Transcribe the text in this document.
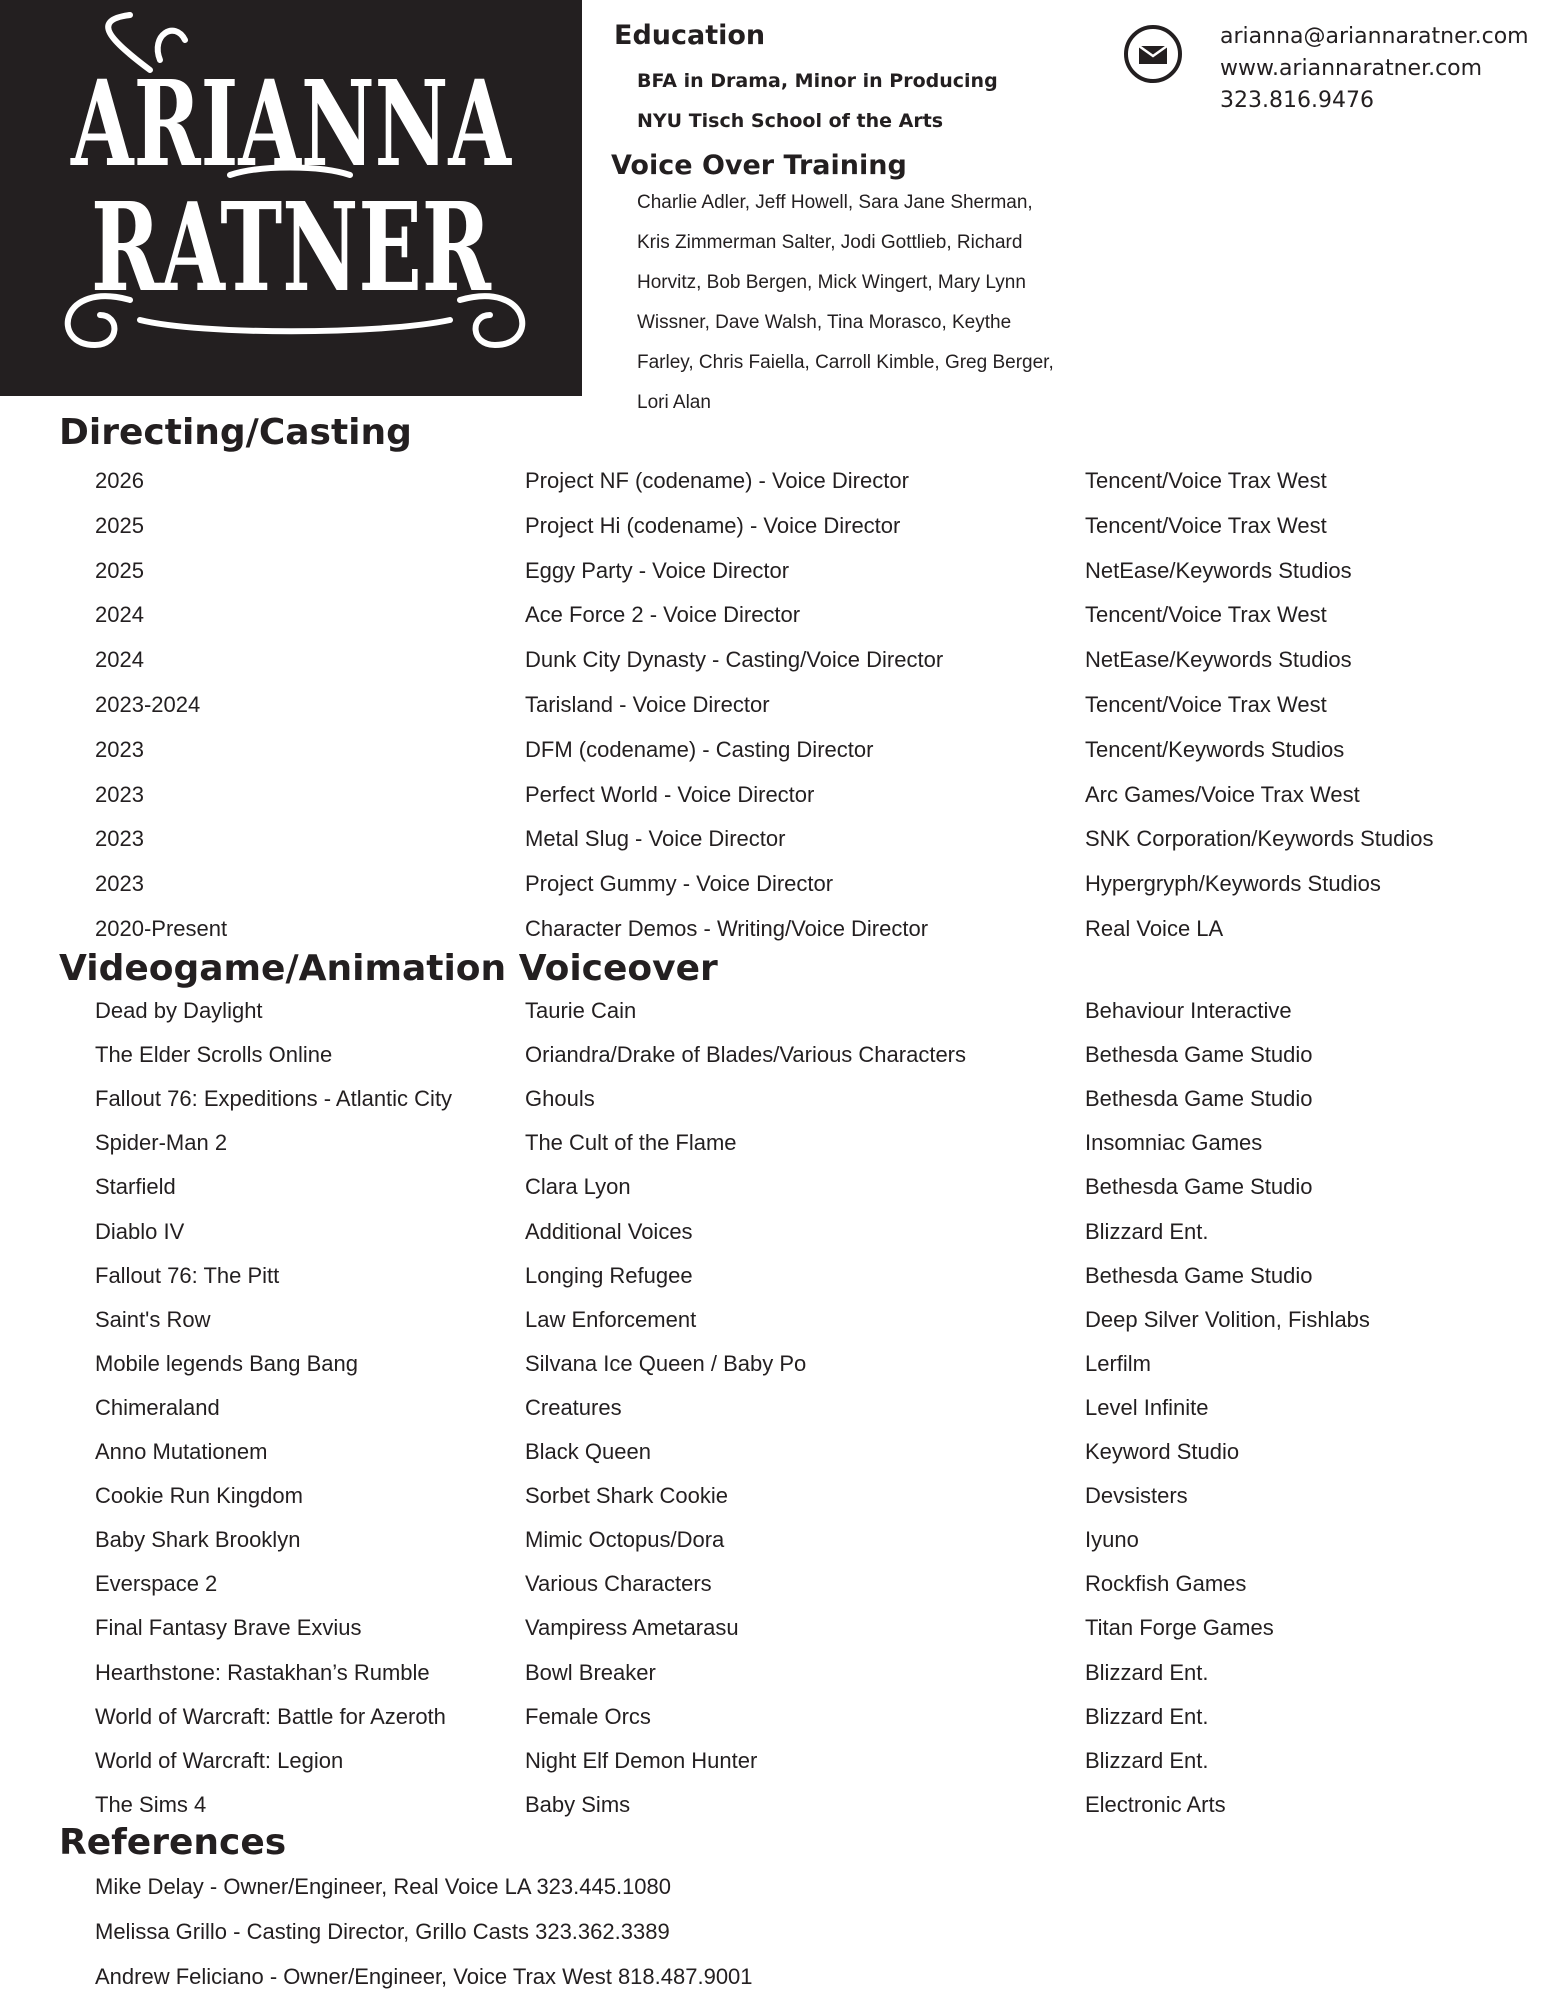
ARIANNA
RATNER
Education
BFA in Drama, Minor in Producing
NYU Tisch School of the Arts
Voice Over Training

Charlie Adler, Jeff Howell, Sara Jane Sherman, Kris Zimmerman Salter, Jodi Gottlieb, Richard Horvitz, Bob Bergen, Mick Wingert, Mary Lynn Wissner, Dave Walsh, Tina Morasco, Keythe Farley, Chris Faiella, Carroll Kimble, Greg Berger, Lori Alan

arianna@ariannaratner.com
www.ariannaratner.com
323.816.9476
Directing/Casting
2026	Project NF (codename) - Voice Director	Tencent/Voice Trax West
2025	Project Hi (codename) - Voice Director	Tencent/Voice Trax West
2025	Eggy Party - Voice Director	NetEase/Keywords Studios
2024	Ace Force 2 - Voice Director	Tencent/Voice Trax West
2024	Dunk City Dynasty - Casting/Voice Director	NetEase/Keywords Studios
2023-2024	Tarisland - Voice Director	Tencent/Voice Trax West
2023	DFM (codename) - Casting Director	Tencent/Keywords Studios
2023	Perfect World - Voice Director	Arc Games/Voice Trax West
2023	Metal Slug - Voice Director	SNK Corporation/Keywords Studios
2023	Project Gummy - Voice Director	Hypergryph/Keywords Studios
2020-Present	Character Demos - Writing/Voice Director	Real Voice LA
Videogame/Animation Voiceover
Dead by Daylight	Taurie Cain	Behaviour Interactive
The Elder Scrolls Online	Oriandra/Drake of Blades/Various Characters	Bethesda Game Studio
Fallout 76: Expeditions - Atlantic City	Ghouls	Bethesda Game Studio
Spider-Man 2	The Cult of the Flame	Insomniac Games
Starfield	Clara Lyon	Bethesda Game Studio
Diablo IV	Additional Voices	Blizzard Ent.
Fallout 76: The Pitt	Longing Refugee	Bethesda Game Studio
Saint's Row	Law Enforcement	Deep Silver Volition, Fishlabs
Mobile legends Bang Bang	Silvana Ice Queen / Baby Po	Lerfilm
Chimeraland	Creatures	Level Infinite
Anno Mutationem	Black Queen	Keyword Studio
Cookie Run Kingdom	Sorbet Shark Cookie	Devsisters
Baby Shark Brooklyn	Mimic Octopus/Dora	Iyuno
Everspace 2	Various Characters	Rockfish Games
Final Fantasy Brave Exvius	Vampiress Ametarasu	Titan Forge Games
Hearthstone: Rastakhan’s Rumble	Bowl Breaker	Blizzard Ent.
World of Warcraft: Battle for Azeroth	Female Orcs	Blizzard Ent.
World of Warcraft: Legion	Night Elf Demon Hunter	Blizzard Ent.
The Sims 4	Baby Sims	Electronic Arts
References
Mike Delay - Owner/Engineer, Real Voice LA 323.445.1080
Melissa Grillo - Casting Director, Grillo Casts 323.362.3389
Andrew Feliciano - Owner/Engineer, Voice Trax West 818.487.9001
